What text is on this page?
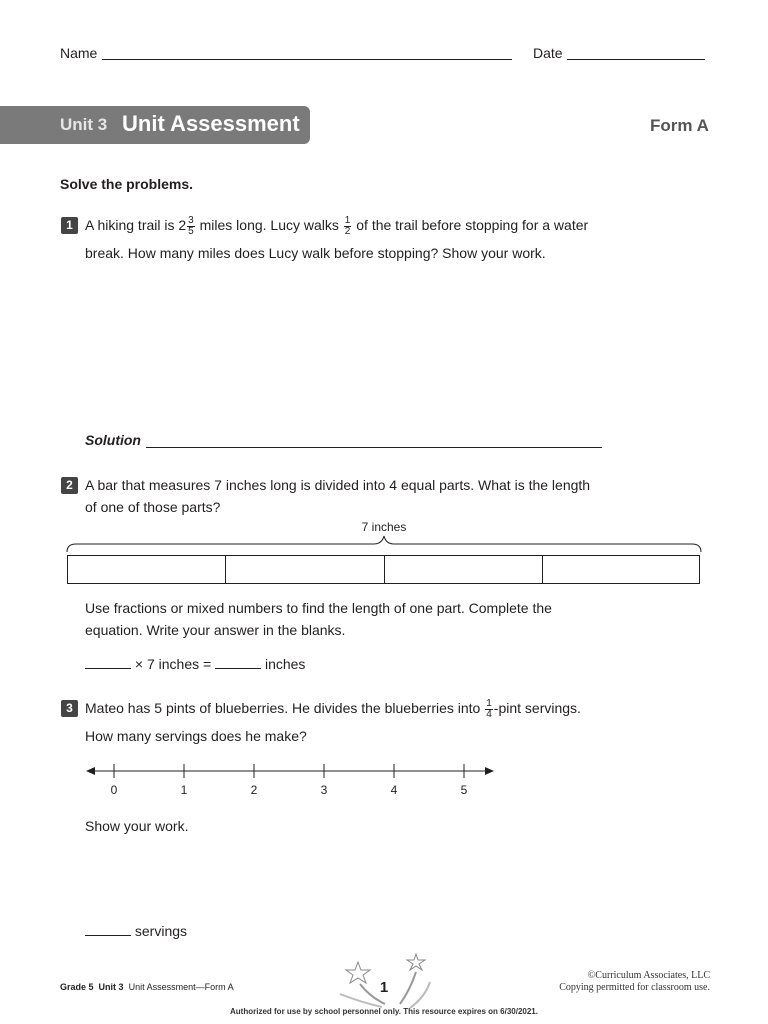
Name	Date
Unit 3 Unit Assessment	Form A
Solve the problems.
1 A hiking trail is $2 \frac{3}{5}$ miles long. Lucy walks $\frac{1}{2}$ of the trail before stopping for a water
break. How many miles does Lucy walk before stopping? Show your work.
Solution
2 A bar that measures 7 inches long is divided into 4 equal parts. What is the length
of one of those parts?
7 inches
Use fractions or mixed numbers to find the length of one part. Complete the
equation. Write your answer in the blanks.
× 7 inches =	inches
3 Mateo has 5 pints of blueberries. He divides the blueberries into $\frac{1}{4}$ -pint servings.
How many servings does he make?
0	1	2	3	4	5
Show your work.
servings
Grade 5 Unit 3 Unit Assessment—Form A	1
©Curriculum Associates, LLC
Copying permitted for classroom use.
Authorized for use by school personnel only. This resource expires on 6/30/2021.
